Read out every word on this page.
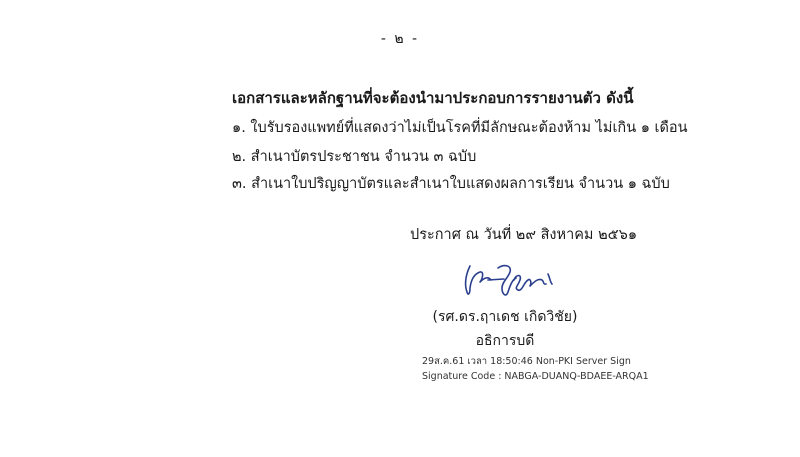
- ๒ -
เอกสารและหลักฐานที่จะต้องนำมาประกอบการรายงานตัว ดังนี้
๑. ใบรับรองแพทย์ที่แสดงว่าไม่เป็นโรคที่มีลักษณะต้องห้าม ไม่เกิน ๑ เดือน
๒. สำเนาบัตรประชาชน จำนวน ๓ ฉบับ
๓. สำเนาใบปริญญาบัตรและสำเนาใบแสดงผลการเรียน จำนวน ๑ ฉบับ
ประกาศ ณ วันที่ ๒๙ สิงหาคม ๒๕๖๑
(รศ.ดร.ฤาเดช เกิดวิชัย)
อธิการบดี
29ส.ค.61 เวลา 18:50:46 Non-PKI Server Sign
Signature Code : NABGA-DUANQ-BDAEE-ARQA1
